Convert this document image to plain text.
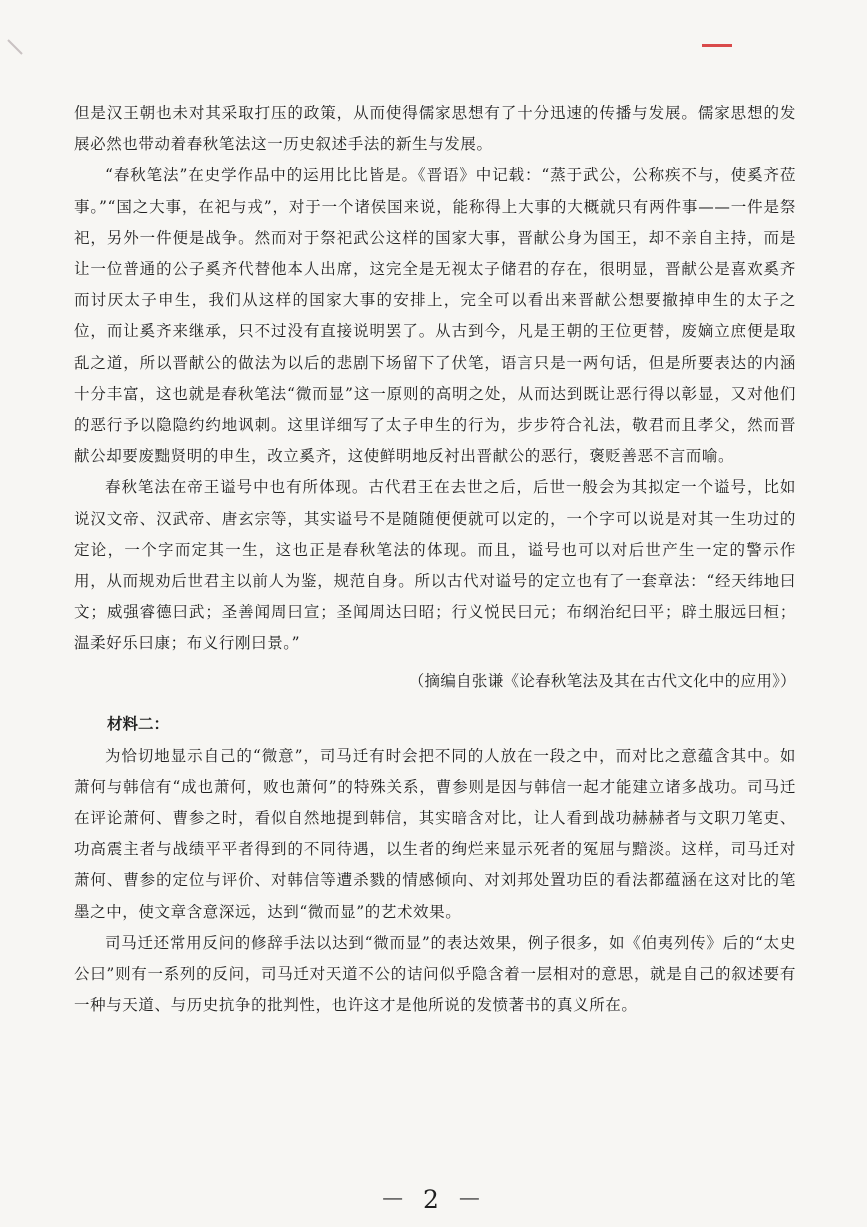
但是汉王朝也未对其采取打压的政策，从而使得儒家思想有了十分迅速的传播与发展。儒家思想的发展必然也带动着春秋笔法这一历史叙述手法的新生与发展。

“春秋笔法”在史学作品中的运用比比皆是。《晋语》中记载：“蒸于武公，公称疾不与，使奚齐莅事。”“国之大事，在祀与戎”，对于一个诸侯国来说，能称得上大事的大概就只有两件事——一件是祭祀，另外一件便是战争。然而对于祭祀武公这样的国家大事，晋献公身为国王，却不亲自主持，而是让一位普通的公子奚齐代替他本人出席，这完全是无视太子储君的存在，很明显，晋献公是喜欢奚齐而讨厌太子申生，我们从这样的国家大事的安排上，完全可以看出来晋献公想要撤掉申生的太子之位，而让奚齐来继承，只不过没有直接说明罢了。从古到今，凡是王朝的王位更替，废嫡立庶便是取乱之道，所以晋献公的做法为以后的悲剧下场留下了伏笔，语言只是一两句话，但是所要表达的内涵十分丰富，这也就是春秋笔法“微而显”这一原则的高明之处，从而达到既让恶行得以彰显，又对他们的恶行予以隐隐约约地讽刺。这里详细写了太子申生的行为，步步符合礼法，敬君而且孝父，然而晋献公却要废黜贤明的申生，改立奚齐，这使鲜明地反衬出晋献公的恶行，褒贬善恶不言而喻。

春秋笔法在帝王谥号中也有所体现。古代君王在去世之后，后世一般会为其拟定一个谥号，比如说汉文帝、汉武帝、唐玄宗等，其实谥号不是随随便便就可以定的，一个字可以说是对其一生功过的定论，一个字而定其一生，这也正是春秋笔法的体现。而且，谥号也可以对后世产生一定的警示作用，从而规劝后世君主以前人为鉴，规范自身。所以古代对谥号的定立也有了一套章法：“经天纬地曰文；威强睿德曰武；圣善闻周曰宣；圣闻周达曰昭；行义悦民曰元；布纲治纪曰平；辟土服远曰桓；温柔好乐曰康；布义行刚曰景。”

（摘编自张谦《论春秋笔法及其在古代文化中的应用》）

材料二：

为恰切地显示自己的“微意”，司马迁有时会把不同的人放在一段之中，而对比之意蕴含其中。如萧何与韩信有“成也萧何，败也萧何”的特殊关系，曹参则是因与韩信一起才能建立诸多战功。司马迁在评论萧何、曹参之时，看似自然地提到韩信，其实暗含对比，让人看到战功赫赫者与文职刀笔吏、功高震主者与战绩平平者得到的不同待遇，以生者的绚烂来显示死者的冤屈与黯淡。这样，司马迁对萧何、曹参的定位与评价、对韩信等遭杀戮的情感倾向、对刘邦处置功臣的看法都蕴涵在这对比的笔墨之中，使文章含意深远，达到“微而显”的艺术效果。

司马迁还常用反问的修辞手法以达到“微而显”的表达效果，例子很多，如《伯夷列传》后的“太史公曰”则有一系列的反问，司马迁对天道不公的诘问似乎隐含着一层相对的意思，就是自己的叙述要有一种与天道、与历史抗争的批判性，也许这才是他所说的发愤著书的真义所在。

－ 2 －
